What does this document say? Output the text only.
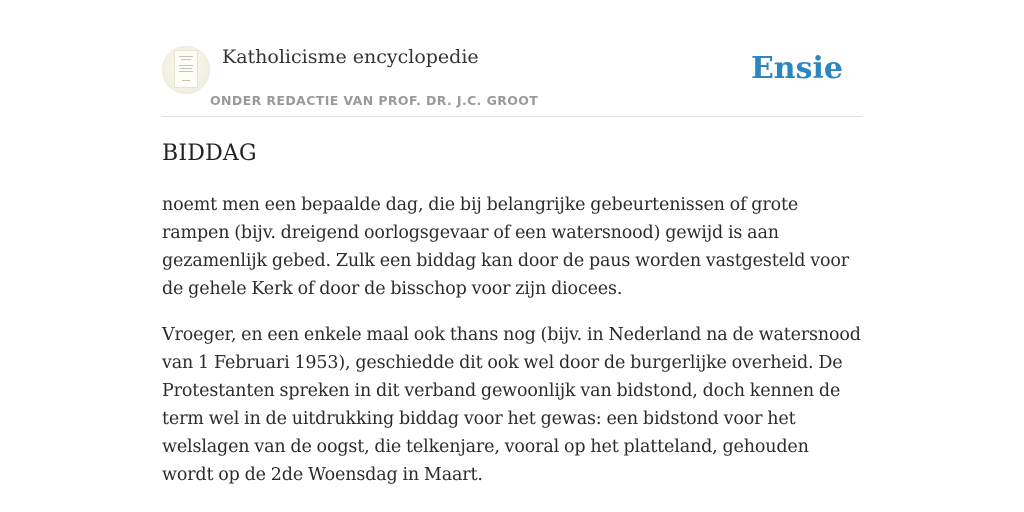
Katholicisme encyclopedie
ONDER REDACTIE VAN PROF. DR. J.C. GROOT
Ensie
BIDDAG

noemt men een bepaalde dag, die bij belangrijke gebeurtenissen of grote rampen (bijv. dreigend oorlogsgevaar of een watersnood) gewijd is aan gezamenlijk gebed. Zulk een biddag kan door de paus worden vastgesteld voor de gehele Kerk of door de bisschop voor zijn diocees.

Vroeger, en een enkele maal ook thans nog (bijv. in Nederland na de watersnood van 1 Februari 1953), geschiedde dit ook wel door de burgerlijke overheid. De Protestanten spreken in dit verband gewoonlijk van bidstond, doch kennen de term wel in de uitdrukking biddag voor het gewas: een bidstond voor het welslagen van de oogst, die telkenjare, vooral op het platteland, gehouden wordt op de 2de Woensdag in Maart.
